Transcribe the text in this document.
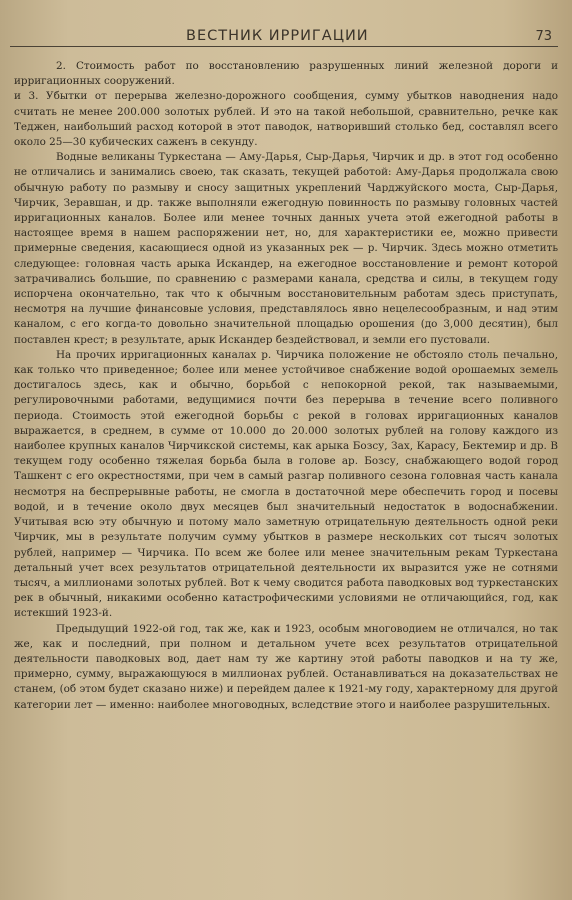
ВЕСТНИК ИРРИГАЦИИ	73

2. Стоимость работ по восстановлению разрушенных линий железной дороги и ирригационных сооружений.

и 3. Убытки от перерыва железно-дорожного сообщения, сумму убытков наводнения надо считать не менее 200.000 золотых рублей. И это на такой небольшой, сравнительно, речке как Теджен, наибольший расход которой в этот паводок, натворивший столько бед, составлял всего около 25—30 кубических саженъ в секунду.

Водные великаны Туркестана — Аму-Дарья, Сыр-Дарья, Чирчик и др. в этот год особенно не отличались и занимались своею, так сказать, текущей работой: Аму-Дарья продолжала свою обычную работу по размыву и сносу защитных укреплений Чарджуйского моста, Сыр-Дарья, Чирчик, Зеравшан, и др. также выполняли ежегодную повинность по размыву головных частей ирригационных каналов. Более или менее точных данных учета этой ежегодной работы в настоящее время в нашем распоряжении нет, но, для характеристики ее, можно привести примерные сведения, касающиеся одной из указанных рек — р. Чирчик. Здесь можно отметить следующее: головная часть арыка Искандер, на ежегодное восстановление и ремонт которой затрачивались большие, по сравнению с размерами канала, средства и силы, в текущем году испорчена окончательно, так что к обычным восстановительным работам здесь приступать, несмотря на лучшие финансовые условия, представлялось явно нецелесообразным, и над этим каналом, с его когда-то довольно значительной площадью орошения (до 3,000 десятин), был поставлен крест; в результате, арык Искандер бездействовал, и земли его пустовали.

На прочих ирригационных каналах р. Чирчика положение не обстояло столь печально, как только что приведенное; более или менее устойчивое снабжение водой орошаемых земель достигалось здесь, как и обычно, борьбой с непокорной рекой, так называемыми, регулировочными работами, ведущимися почти без перерыва в течение всего поливного периода. Стоимость этой ежегодной борьбы с рекой в головах ирригационных каналов выражается, в среднем, в сумме от 10.000 до 20.000 золотых рублей на голову каждого из наиболее крупных каналов Чирчикской системы, как арыка Бозсу, Зах, Карасу, Бектемир и др. В текущем году особенно тяжелая борьба была в голове ар. Бозсу, снабжающего водой город Ташкент с его окрестностями, при чем в самый разгар поливного сезона головная часть канала несмотря на беспрерывные работы, не смогла в достаточной мере обеспечить город и посевы водой, и в течение около двух месяцев был значительный недостаток в водоснабжении. Учитывая всю эту обычную и потому мало заметную отрицательную деятельность одной реки Чирчик, мы в результате получим сумму убытков в размере нескольких сот тысяч золотых рублей, например — Чирчика. По всем же более или менее значительным рекам Туркестана детальный учет всех результатов отрицательной деятельности их выразится уже не сотнями тысяч, а миллионами золотых рублей. Вот к чему сводится работа паводковых вод туркестанских рек в обычный, никакими особенно катастрофическими условиями не отличающийся, год, как истекший 1923-й.

Предыдущий 1922-ой год, так же, как и 1923, особым многоводием не отличался, но так же, как и последний, при полном и детальном учете всех результатов отрицательной деятельности паводковых вод, дает нам ту же картину этой работы паводков и на ту же, примерно, сумму, выражающуюся в миллионах рублей. Останавливаться на доказательствах не станем, (об этом будет сказано ниже) и перейдем далее к 1921-му году, характерному для другой категории лет — именно: наиболее многоводных, вследствие этого и наиболее разрушительных.
